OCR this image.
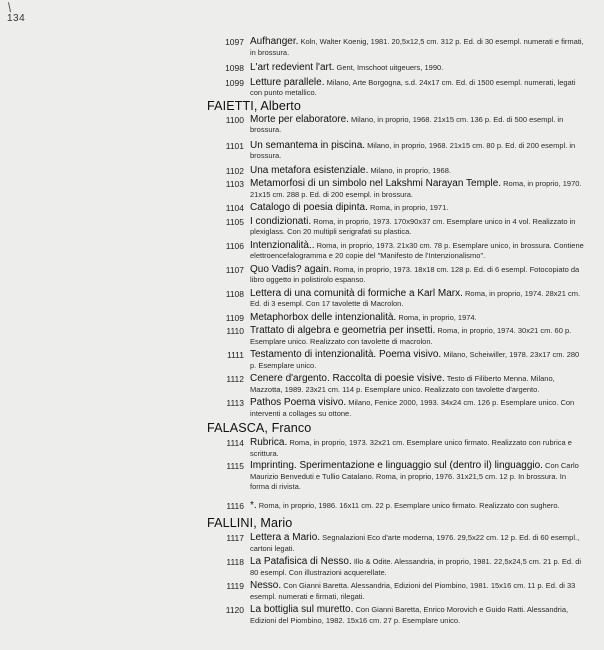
134
1097 Aufhanger. Koln, Walter Koenig, 1981. 20,5x12,5 cm. 312 p. Ed. di 30 esempl. numerati e firmati, in brossura.
1098 L'art redevient l'art. Gent, Imschoot uitgeuers, 1990.
1099 Letture parallele. Milano, Arte Borgogna, s.d. 24x17 cm. Ed. di 1500 esempl. numerati, legati con punto metallico.
FAIETTI, Alberto
1100 Morte per elaboratore. Milano, in proprio, 1968. 21x15 cm. 136 p. Ed. di 500 esempl. in brossura.
1101 Un semantema in piscina. Milano, in proprio, 1968. 21x15 cm. 80 p. Ed. di 200 esempl. in brossura.
1102 Una metafora esistenziale. Milano, in proprio, 1968.
1103 Metamorfosi di un simbolo nel Lakshmi Narayan Temple. Roma, in proprio, 1970. 21x15 cm. 288 p. Ed. di 200 esempl. in brossura.
1104 Catalogo di poesia dipinta. Roma, in proprio, 1971.
1105 I condizionati. Roma, in proprio, 1973. 170x90x37 cm. Esemplare unico in 4 vol. Realizzato in plexiglass. Con 20 multipli serigrafati su plastica.
1106 Intenzionalità.. Roma, in proprio, 1973. 21x30 cm. 78 p. Esemplare unico, in brossura. Contiene elettroencefalogramma e 20 copie del "Manifesto de l'Intenzionalismo".
1107 Quo Vadis? again. Roma, in proprio, 1973. 18x18 cm. 128 p. Ed. di 6 esempl. Fotocopiato da libro oggetto in polistirolo espanso.
1108 Lettera di una comunità di formiche a Karl Marx. Roma, in proprio, 1974. 28x21 cm. Ed. di 3 esempl. Con 17 tavolette di Macrolon.
1109 Metaphorbox delle intenzionalità. Roma, in proprio, 1974.
1110 Trattato di algebra e geometria per insetti. Roma, in proprio, 1974. 30x21 cm. 60 p. Esemplare unico. Realizzato con tavolette di macrolon.
1111 Testamento di intenzionalità. Poema visivo. Milano, Scheiwiller, 1978. 23x17 cm. 280 p. Esemplare unico.
1112 Cenere d'argento. Raccolta di poesie visive. Testo di Filiberto Menna. Milano, Mazzotta, 1989. 23x21 cm. 114 p. Esemplare unico. Realizzato con tavolette d'argento.
1113 Pathos Poema visivo. Milano, Fenice 2000, 1993. 34x24 cm. 126 p. Esemplare unico. Con interventi a collages su ottone.
FALASCA, Franco
1114 Rubrica. Roma, in proprio, 1973. 32x21 cm. Esemplare unico firmato. Realizzato con rubrica e scrittura.
1115 Imprinting. Sperimentazione e linguaggio sul (dentro il) linguaggio. Con Carlo Maurizio Benveduti e Tullio Catalano. Roma, in proprio, 1976. 31x21,5 cm. 12 p. In brossura. In forma di rivista.
1116 *. Roma, in proprio, 1986. 16x11 cm. 22 p. Esemplare unico firmato. Realizzato con sughero.
FALLINI, Mario
1117 Lettera a Mario. Segnalazioni Eco d'arte moderna, 1976. 29,5x22 cm. 12 p. Ed. di 60 esempl., cartoni legati.
1118 La Patafisica di Nesso. Illo & Odite. Alessandria, in proprio, 1981. 22,5x24,5 cm. 21 p. Ed. di 80 esempl. Con illustrazioni acquerellate.
1119 Nesso. Con Gianni Baretta. Alessandria, Edizioni del Piombino, 1981. 15x16 cm. 11 p. Ed. di 33 esempl. numerati e firmati, rilegati.
1120 La bottiglia sul muretto. Con Gianni Baretta, Enrico Morovich e Guido Ratti. Alessandria, Edizioni del Piombino, 1982. 15x16 cm. 27 p. Esemplare unico.
